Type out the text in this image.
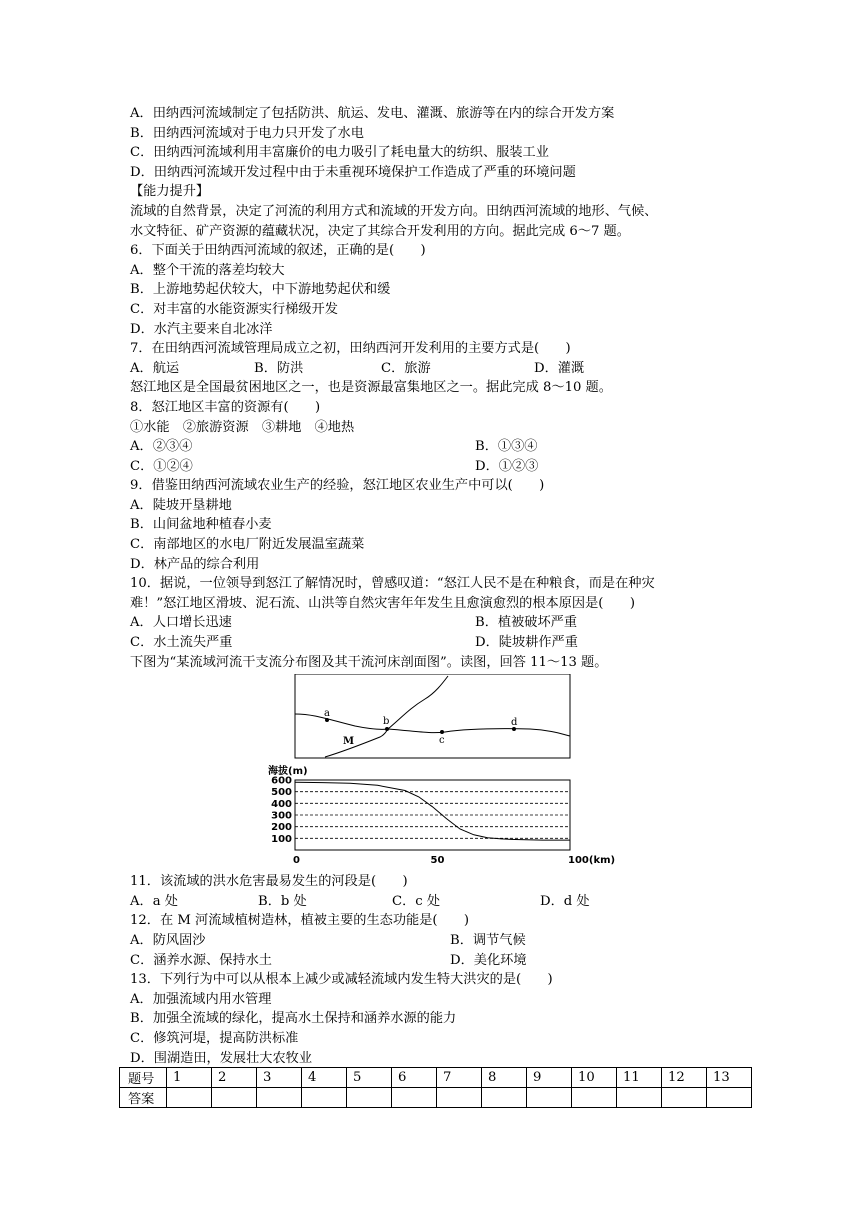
A．田纳西河流域制定了包括防洪、航运、发电、灌溉、旅游等在内的综合开发方案
B．田纳西河流域对于电力只开发了水电
C．田纳西河流域利用丰富廉价的电力吸引了耗电量大的纺织、服装工业
D．田纳西河流域开发过程中由于未重视环境保护工作造成了严重的环境问题
【能力提升】
流域的自然背景，决定了河流的利用方式和流域的开发方向。田纳西河流域的地形、气候、
水文特征、矿产资源的蕴藏状况，决定了其综合开发利用的方向。据此完成 6～7 题。
6．下面关于田纳西河流域的叙述，正确的是(　　)
A．整个干流的落差均较大
B．上游地势起伏较大，中下游地势起伏和缓
C．对丰富的水能资源实行梯级开发
D．水汽主要来自北冰洋
7．在田纳西河流域管理局成立之初，田纳西河开发利用的主要方式是(　　)
A．航运	B．防洪	C．旅游	D．灌溉
怒江地区是全国最贫困地区之一，也是资源最富集地区之一。据此完成 8～10 题。
8．怒江地区丰富的资源有(　　)
①水能　②旅游资源　③耕地　④地热
A．②③④	B．①③④
C．①②④	D．①②③
9．借鉴田纳西河流域农业生产的经验，怒江地区农业生产中可以(　　)
A．陡坡开垦耕地
B．山间盆地种植春小麦
C．南部地区的水电厂附近发展温室蔬菜
D．林产品的综合利用
10．据说，一位领导到怒江了解情况时，曾感叹道：“怒江人民不是在种粮食，而是在种灾
难！”怒江地区滑坡、泥石流、山洪等自然灾害年年发生且愈演愈烈的根本原因是(　　)
A．人口增长迅速	B．植被破坏严重
C．水土流失严重	D．陡坡耕作严重
下图为“某流域河流干支流分布图及其干流河床剖面图”。读图，回答 11～13 题。
a
b
c
d
M
海拔(m)
600
500
400
300
200
100
0	50	100(km)
11．该流域的洪水危害最易发生的河段是(　　)
A．a 处	B．b 处	C．c 处	D．d 处
12．在 M 河流域植树造林，植被主要的生态功能是(　　)
A．防风固沙	B．调节气候
C．涵养水源、保持水土	D．美化环境
13．下列行为中可以从根本上减少或减轻流域内发生特大洪灾的是(　　)
A．加强流域内用水管理
B．加强全流域的绿化，提高水土保持和涵养水源的能力
C．修筑河堤，提高防洪标准
D．围湖造田，发展壮大农牧业
题号	1	2	3	4	5	6	7	8	9	10	11	12	13
答案													
